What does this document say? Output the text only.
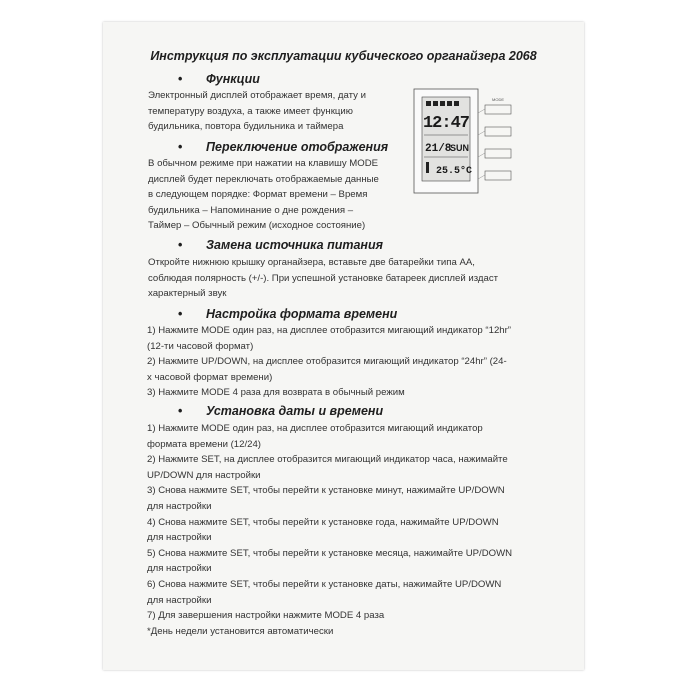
Инструкция по эксплуатации кубического органайзера 2068
• Функции
Электронный дисплей отображает время, дату и
температуру воздуха, а также имеет функцию
будильника, повтора будильника и таймера
• Переключение отображения
В обычном режиме при нажатии на клавишу MODE
дисплей будет переключать отображаемые данные
в следующем порядке: Формат времени – Время
будильника – Напоминание о дне рождения –
Таймер – Обычный режим (исходное состояние)
• Замена источника питания
Откройте нижнюю крышку органайзера, вставьте две батарейки типа AA,
соблюдая полярность (+/-). При успешной установке батареек дисплей издаст
характерный звук
• Настройка формата времени
1) Нажмите MODE один раз, на дисплее отобразится мигающий индикатор “12hr”
(12-ти часовой формат)
2) Нажмите UP/DOWN, на дисплее отобразится мигающий индикатор “24hr” (24-
х часовой формат времени)
3) Нажмите MODE 4 раза для возврата в обычный режим
• Установка даты и времени
1) Нажмите MODE один раз, на дисплее отобразится мигающий индикатор
формата времени (12/24)
2) Нажмите SET, на дисплее отобразится мигающий индикатор часа, нажимайте
UP/DOWN для настройки
3) Снова нажмите SET, чтобы перейти к установке минут, нажимайте UP/DOWN
для настройки
4) Снова нажмите SET, чтобы перейти к установке года, нажимайте UP/DOWN
для настройки
5) Снова нажмите SET, чтобы перейти к установке месяца, нажимайте UP/DOWN
для настройки
6) Снова нажмите SET, чтобы перейти к установке даты, нажимайте UP/DOWN
для настройки
7) Для завершения настройки нажмите MODE 4 раза
*День недели установится автоматически
12:47
21/8
SUN
25.5°C
MODE
